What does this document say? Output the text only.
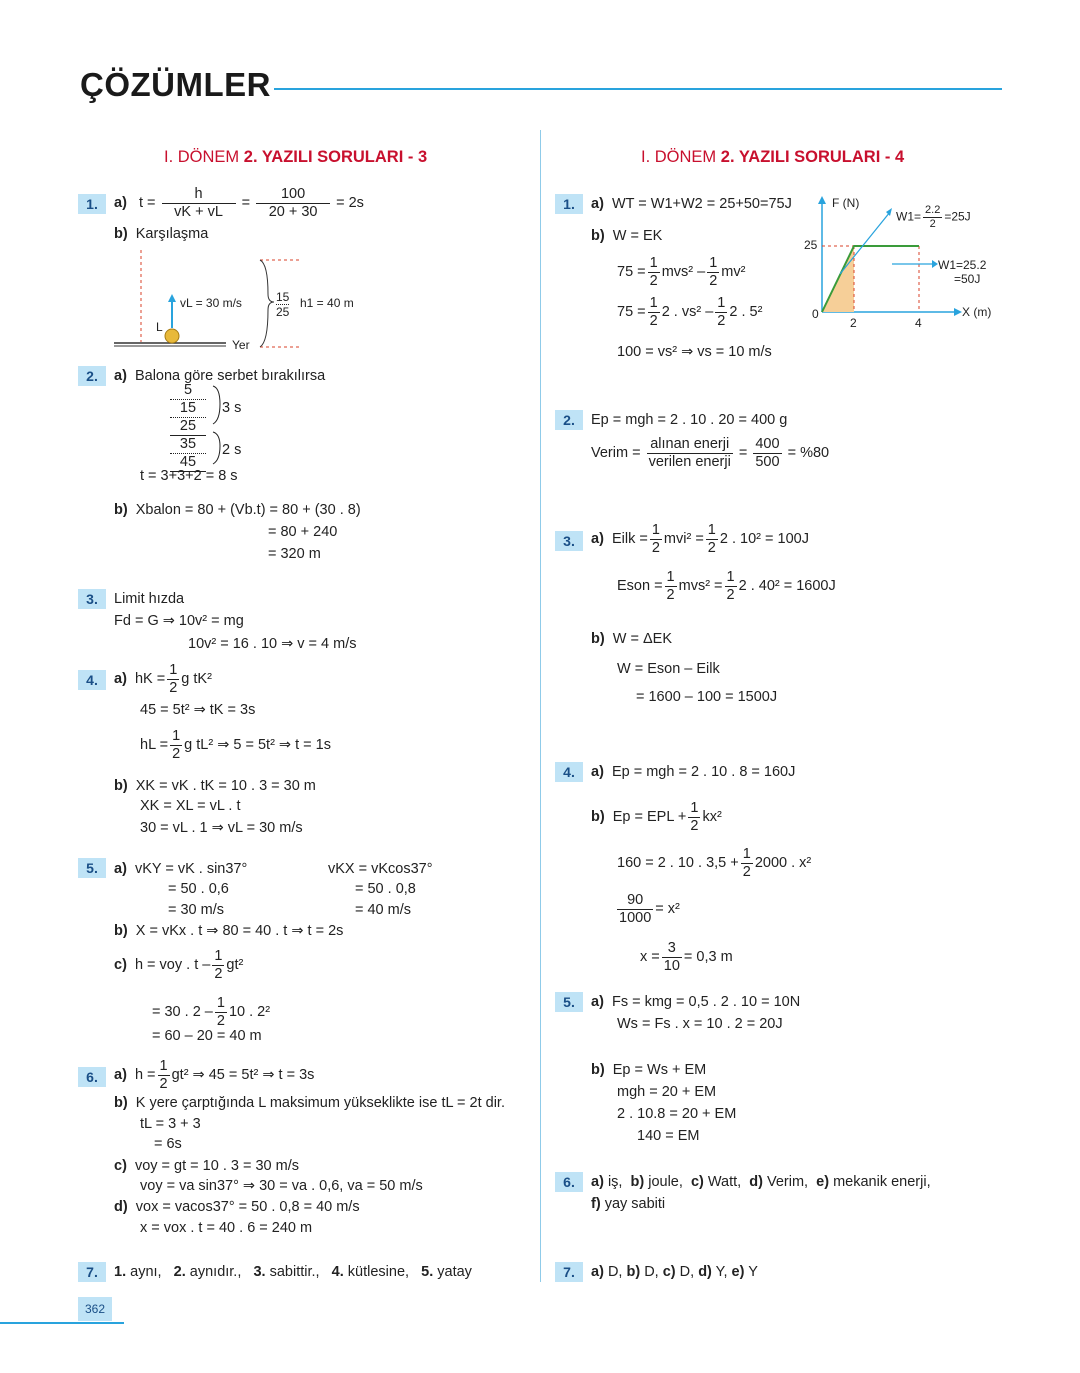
ÇÖZÜMLER
I. DÖNEM 2. YAZILI SORULARI - 3
1.	a) $t = \frac{h}{vK + vL} = \frac{100}{20 + 30} = 2s$
b) Karşılaşma
vL = 30 m/s
L
Yer
15
25
h1 = 40 m
2.	a) Balona göre serbet bırakılırsa
5
15
25
35
45
3 s
2 s
t = 3+3+2 = 8 s
b) Xbalon = 80 + (Vb.t) = 80 + (30 . 8)
= 80 + 240
= 320 m
3.	Limit hızda
Fd = G ⇒ 10v² = mg
10v² = 16 . 10 ⇒ v = 4 m/s
4.	a) hK = $\frac{1}{2}$ g tK²
45 = 5t² ⇒ tK = 3s
hL = $\frac{1}{2}$ g tL² ⇒ 5 = 5t² ⇒ t = 1s
b) XK = vK . tK = 10 . 3 = 30 m
XK = XL = vL . t
30 = vL . 1 ⇒ vL = 30 m/s
5.	a) vKY = vK . sin37°
= 50 . 0,6
= 30 m/s
vKX = vKcos37°
= 50 . 0,8
= 40 m/s
b) X = vKx . t ⇒ 80 = 40 . t ⇒ t = 2s
c) h = voy . t – $\frac{1}{2} gt^2$
= 30 . $2 - \frac{1}{2} 10$ . 2²
= 60 – 20 = 40 m
6.	a) $h = \frac{1}{2} gt^2$ ⇒ 45 = 5t² ⇒ t = 3s
b) K yere çarptığında L maksimum yükseklikte ise tL = 2t dir.
tL = 3 + 3
= 6s
c) voy = gt = 10 . 3 = 30 m/s
voy = va sin37° ⇒ 30 = va . 0,6, va = 50 m/s
d) vox = vacos37° = 50 . 0,8 = 40 m/s
x = vox . t = 40 . 6 = 240 m
7.	1. aynı, 2. aynıdır., 3. sabittir., 4. kütlesine, 5. yatay
I. DÖNEM 2. YAZILI SORULARI - 4
1.	a) WT = W1+W2 = 25+50=75J
b) W = EK
$75 = \frac{1}{2} mvs^2 - \frac{1}{2} mv^2$
$75 = \frac{1}{2} 2$ . $vs^2 - \frac{1}{2} 2$ . 5²
100 = vs² ⇒ vs = 10 m/s
F (N)
X (m)
25
0
2	4
$W1= \frac{2.2}{2} =25J$
W1=25.2
=50J
2.	Ep = mgh = 2 . 10 . 20 = 400 g
Verim = $\frac{\text{alınan enerji}}{\text{verilen enerji}} = \frac{400}{500} = \%80$
3.	a) Eilk = $\frac{1}{2} mvi^2 = \frac{1}{2} 2$ . 10² = 100J
Eson = $\frac{1}{2} mvs^2 = \frac{1}{2} 2$ . 40² = 1600J
b) W = ΔEK
W = Eson – Eilk
= 1600 – 100 = 1500J
4.	a) Ep = mgh = 2 . 10 . 8 = 160J
b) Ep = EPL + $\frac{1}{2} kx^2$
160 = 2 . 10 . $3,5 + \frac{1}{2} 2000$ . x²
$\frac{90}{1000} = x^2$
$x = \frac{3}{10} = 0,3$ m
5.	a) Fs = kmg = 0,5 . 2 . 10 = 10N
Ws = Fs . x = 10 . 2 = 20J
b) Ep = Ws + EM
mgh = 20 + EM
2 . 10.8 = 20 + EM
140 = EM
6.	a) iş, b) joule, c) Watt, d) Verim, e) mekanik enerji,
f) yay sabiti
7.	a) D, b) D, c) D, d) Y, e) Y
362
